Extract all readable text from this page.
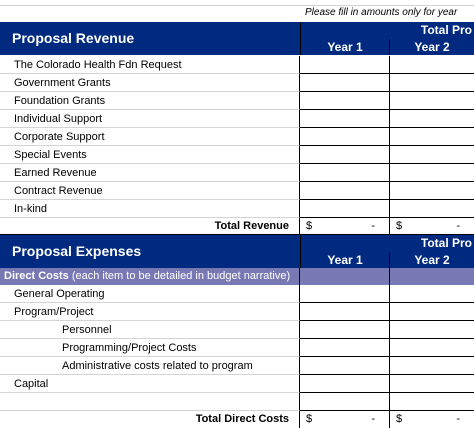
Please fill in amounts only for year
Proposal Revenue	Total Pro
Year 1	Year 2
The Colorado Health Fdn Request
Government Grants
Foundation Grants
Individual Support
Corporate Support
Special Events
Earned Revenue
Contract Revenue
In-kind
Total Revenue	$	-	$	-
Proposal Expenses	Total Pro
Year 1	Year 2
Direct Costs (each item to be detailed in budget narrative)
General Operating
Program/Project
Personnel
Programming/Project Costs
Administrative costs related to program
Capital
Total Direct Costs	$	-	$	-
